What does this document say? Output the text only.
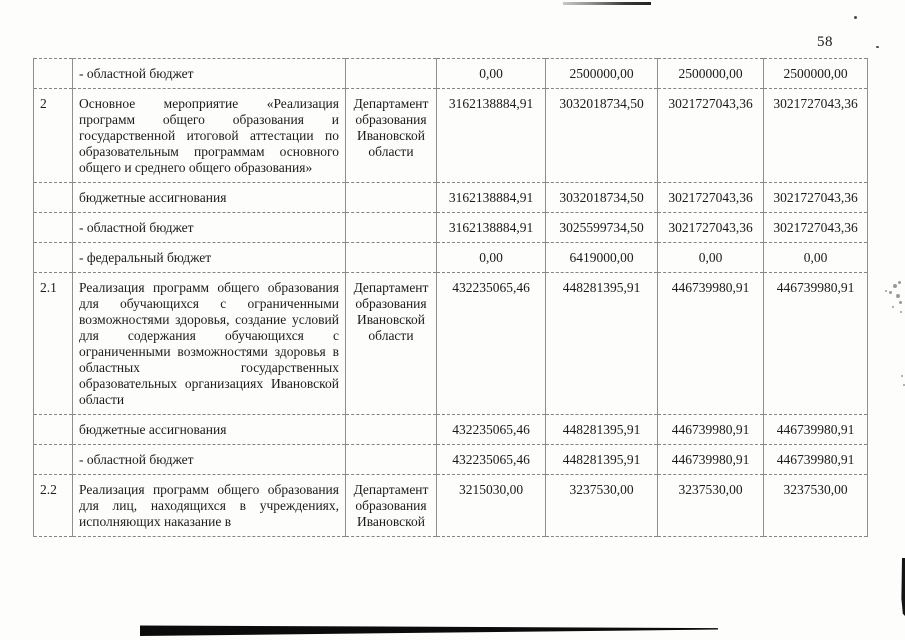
58
	- областной бюджет		0,00	2500000,00	2500000,00	2500000,00
2	Основное мероприятие «Реализация программ общего образования и государственной итоговой аттестации по образовательным программам основного общего и среднего общего образования»	Департамент образования Ивановской области	3162138884,91	3032018734,50	3021727043,36	3021727043,36
	бюджетные ассигнования		3162138884,91	3032018734,50	3021727043,36	3021727043,36
	- областной бюджет		3162138884,91	3025599734,50	3021727043,36	3021727043,36
	- федеральный бюджет		0,00	6419000,00	0,00	0,00
2.1	Реализация программ общего образования для обучающихся с ограниченными возможностями здоровья, создание условий для содержания обучающихся с ограниченными возможностями здоровья в областных государственных образовательных организациях Ивановской области	Департамент образования Ивановской области	432235065,46	448281395,91	446739980,91	446739980,91
	бюджетные ассигнования		432235065,46	448281395,91	446739980,91	446739980,91
	- областной бюджет		432235065,46	448281395,91	446739980,91	446739980,91
2.2	Реализация программ общего образования для лиц, находящихся в учреждениях, исполняющих наказание в	Департамент образования Ивановской	3215030,00	3237530,00	3237530,00	3237530,00
